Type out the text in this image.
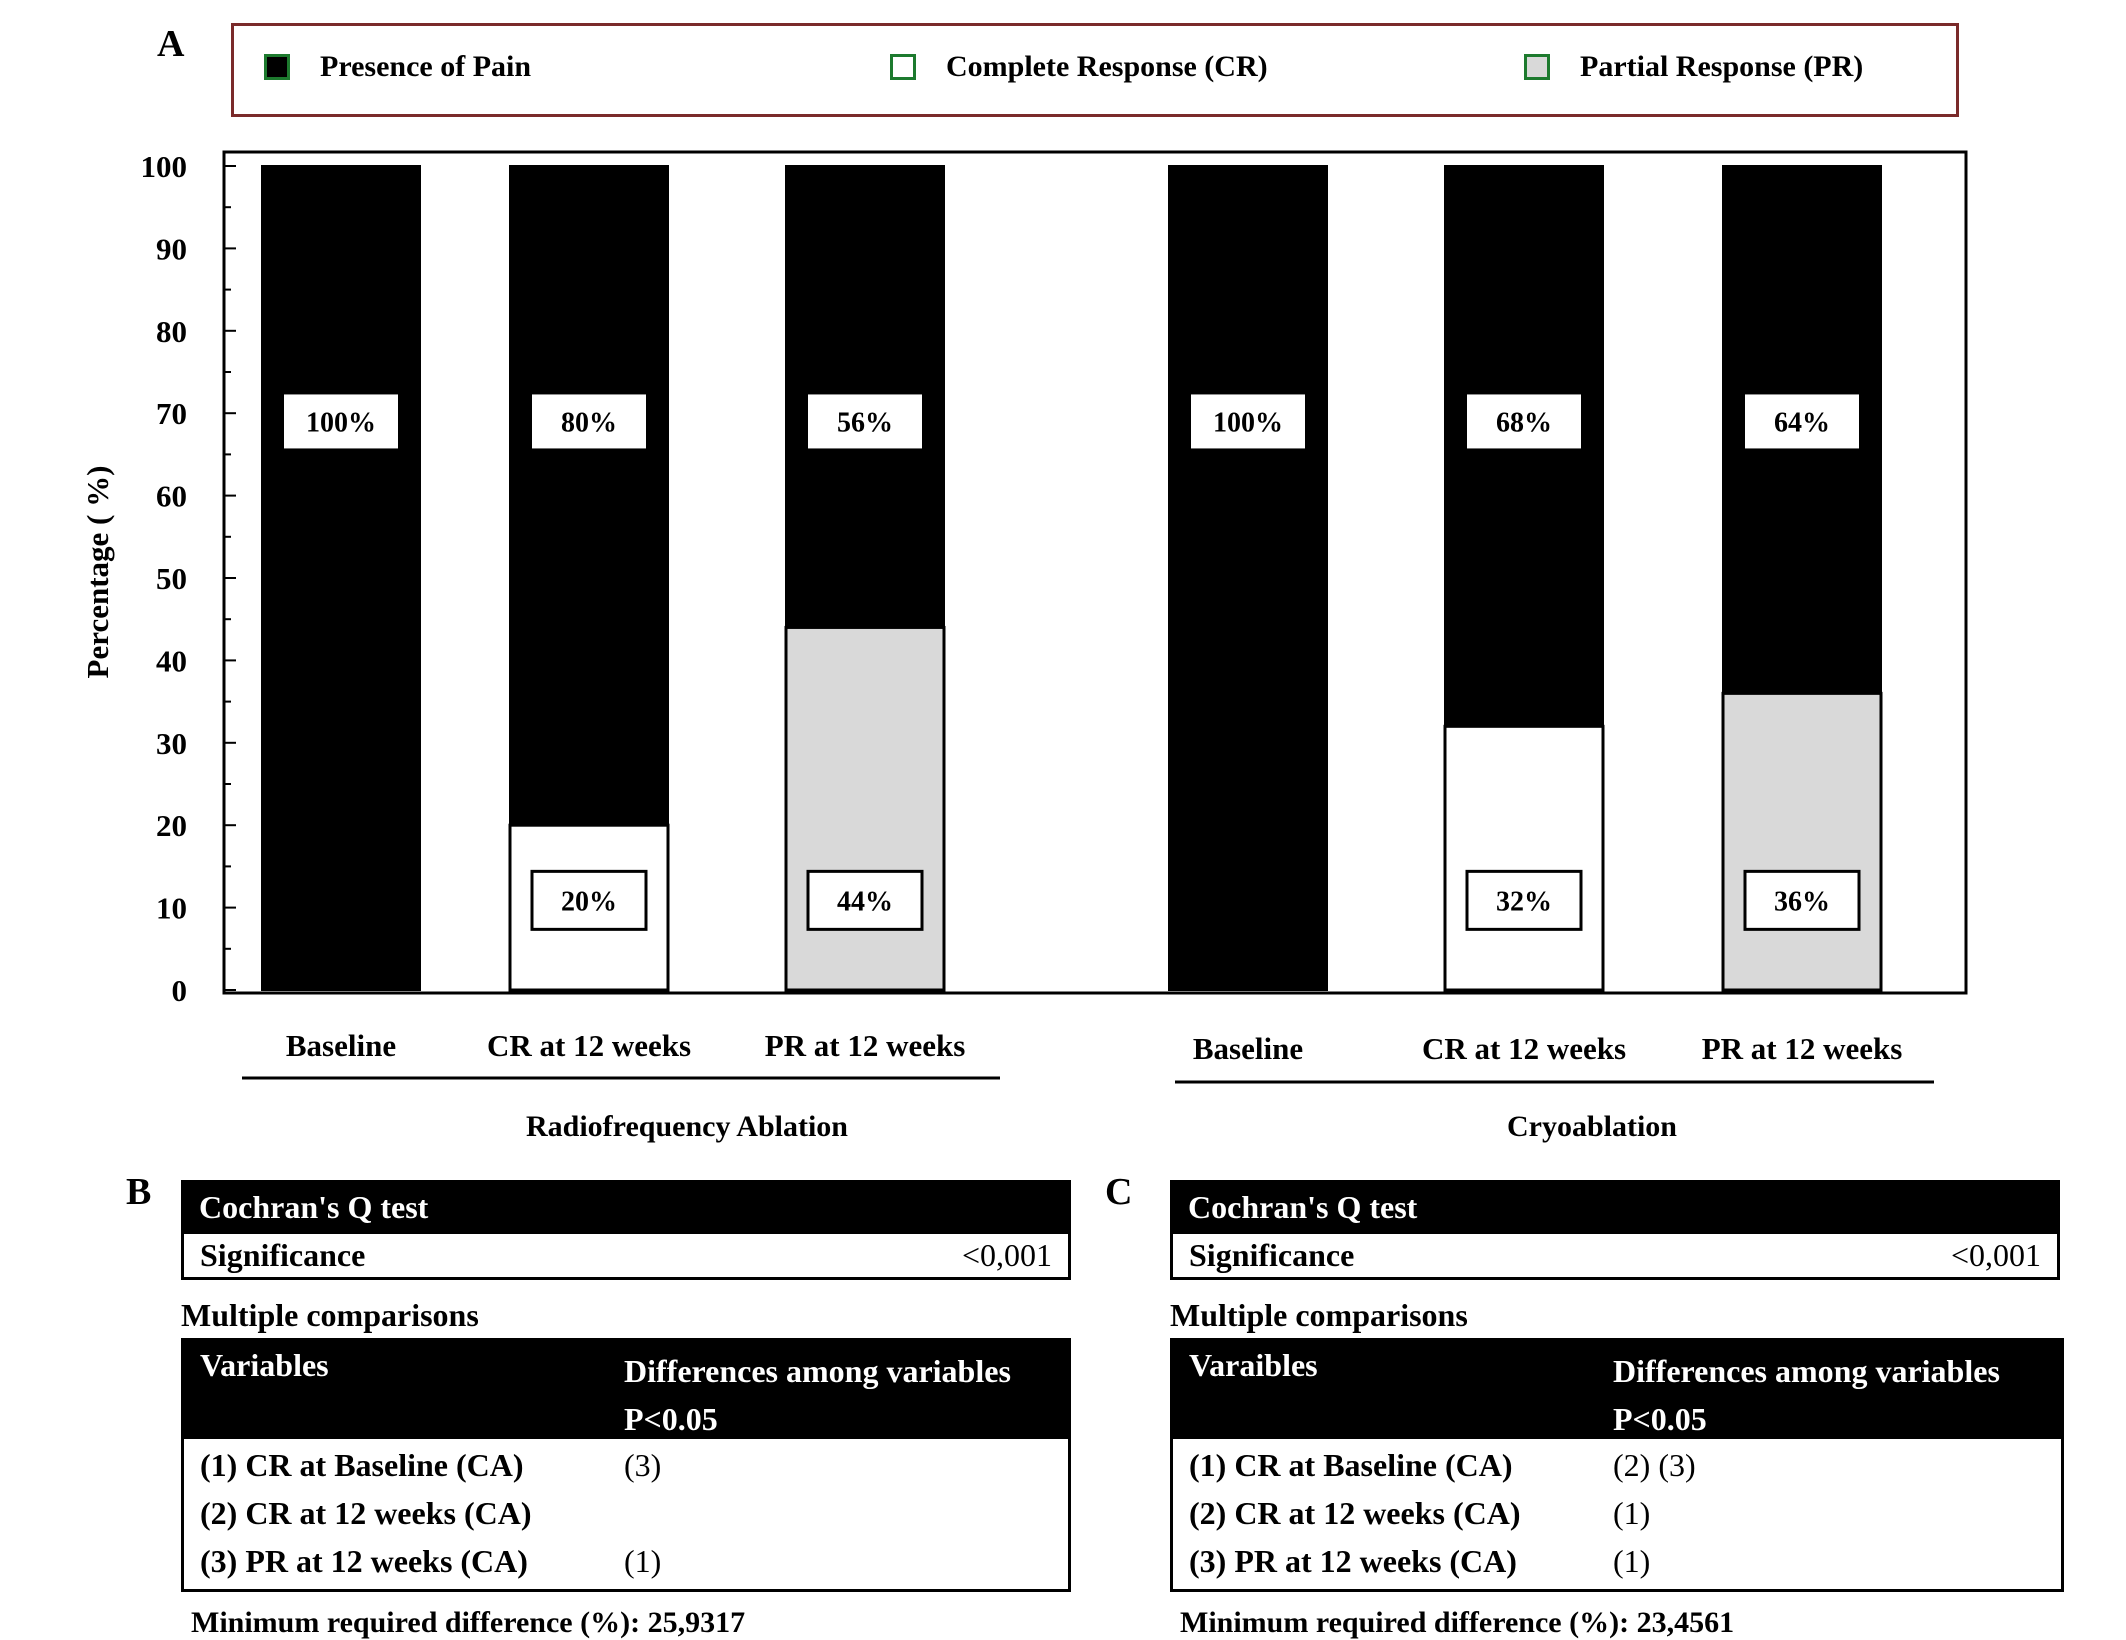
A
Presence of Pain	Complete Response (CR)	Partial Response (PR)
0
10
20
30
40
50
60
70
80
90
100
Percentage ( %)
100%
Baseline
80%
20%
CR at 12 weeks
56%
44%
PR at 12 weeks
100%
Baseline
68%
32%
CR at 12 weeks
64%
36%
PR at 12 weeks
Radiofrequency Ablation	Cryoablation
B	C
Cochran's Q test
Significance	<0,001
Multiple comparisons
Variables	Differences among variables
P<0.05
(1) CR at Baseline (CA)	(3)
(2) CR at 12 weeks (CA)
(3) PR at 12 weeks (CA)	(1)
Minimum required difference (%): 25,9317
Cochran's Q test
Significance	<0,001
Multiple comparisons
Varaibles	Differences among variables
P<0.05
(1) CR at Baseline (CA)	(2) (3)
(2) CR at 12 weeks (CA)	(1)
(3) PR at 12 weeks (CA)	(1)
Minimum required difference (%): 23,4561
